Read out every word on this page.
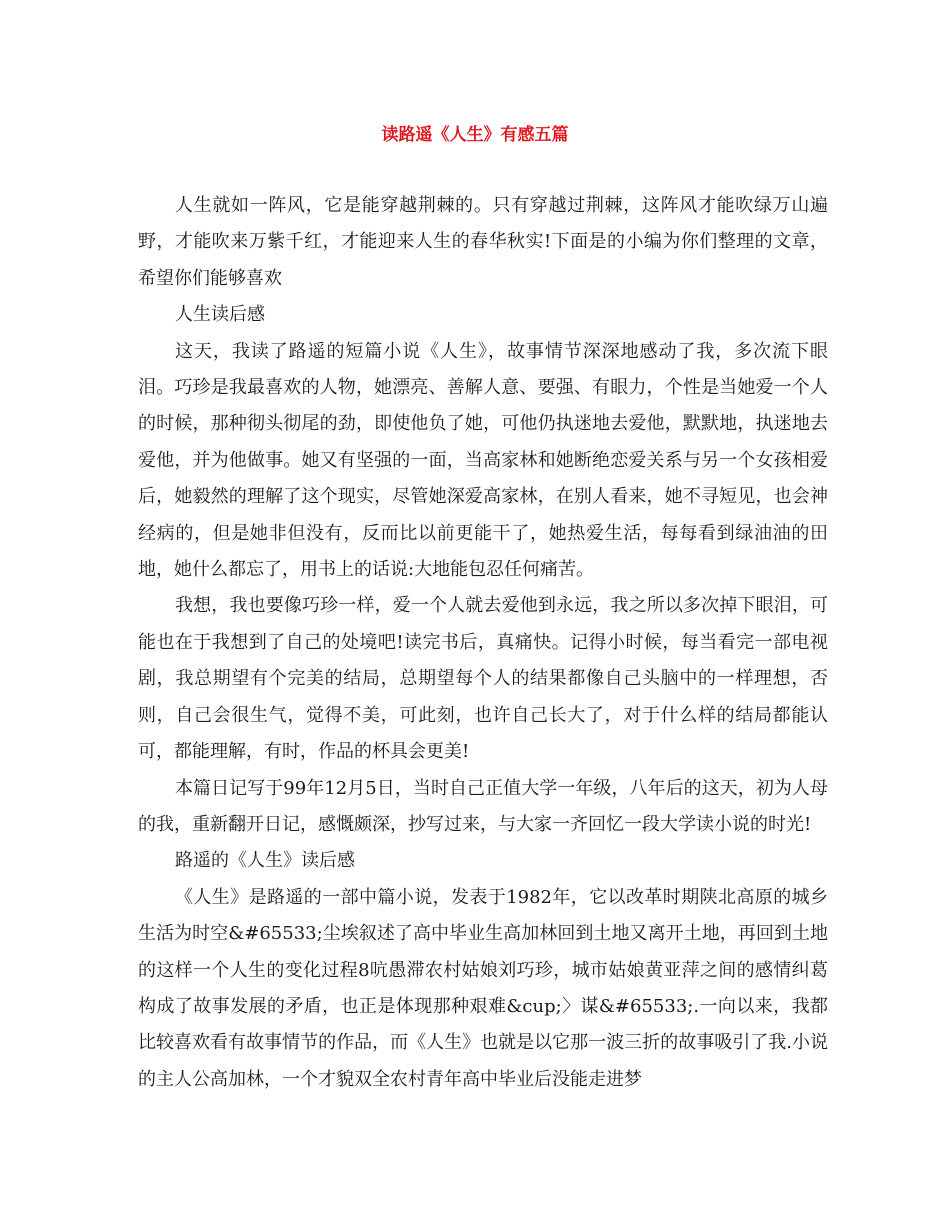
读路遥《人生》有感五篇

人生就如一阵风，它是能穿越荆棘的。只有穿越过荆棘，这阵风才能吹绿万山遍野，才能吹来万紫千红，才能迎来人生的春华秋实!下面是的小编为你们整理的文章，希望你们能够喜欢

人生读后感

这天，我读了路遥的短篇小说《人生》，故事情节深深地感动了我，多次流下眼泪。巧珍是我最喜欢的人物，她漂亮、善解人意、要强、有眼力，个性是当她爱一个人的时候，那种彻头彻尾的劲，即使他负了她，可他仍执迷地去爱他，默默地，执迷地去爱他，并为他做事。她又有坚强的一面，当高家林和她断绝恋爱关系与另一个女孩相爱后，她毅然的理解了这个现实，尽管她深爱高家林，在别人看来，她不寻短见，也会神经病的，但是她非但没有，反而比以前更能干了，她热爱生活，每每看到绿油油的田地，她什么都忘了，用书上的话说:大地能包忍任何痛苦。

我想，我也要像巧珍一样，爱一个人就去爱他到永远，我之所以多次掉下眼泪，可能也在于我想到了自己的处境吧!读完书后，真痛快。记得小时候，每当看完一部电视剧，我总期望有个完美的结局，总期望每个人的结果都像自己头脑中的一样理想，否则，自己会很生气，觉得不美，可此刻，也许自己长大了，对于什么样的结局都能认可，都能理解，有时，作品的杯具会更美!

本篇日记写于99年12月5日，当时自己正值大学一年级，八年后的这天，初为人母的我，重新翻开日记，感慨颇深，抄写过来，与大家一齐回忆一段大学读小说的时光!

路遥的《人生》读后感

《人生》是路遥的一部中篇小说，发表于1982年，它以改革时期陕北高原的城乡生活为时空&#65533;尘埃叙述了高中毕业生高加林回到土地又离开土地，再回到土地的这样一个人生的变化过程8吭愚滞农村姑娘刘巧珍，城市姑娘黄亚萍之间的感情纠葛构成了故事发展的矛盾，也正是体现那种艰难&cup;〉谋&#65533;.一向以来，我都比较喜欢看有故事情节的作品，而《人生》也就是以它那一波三折的故事吸引了我.小说的主人公高加林，一个才貌双全农村青年高中毕业后没能走进梦
